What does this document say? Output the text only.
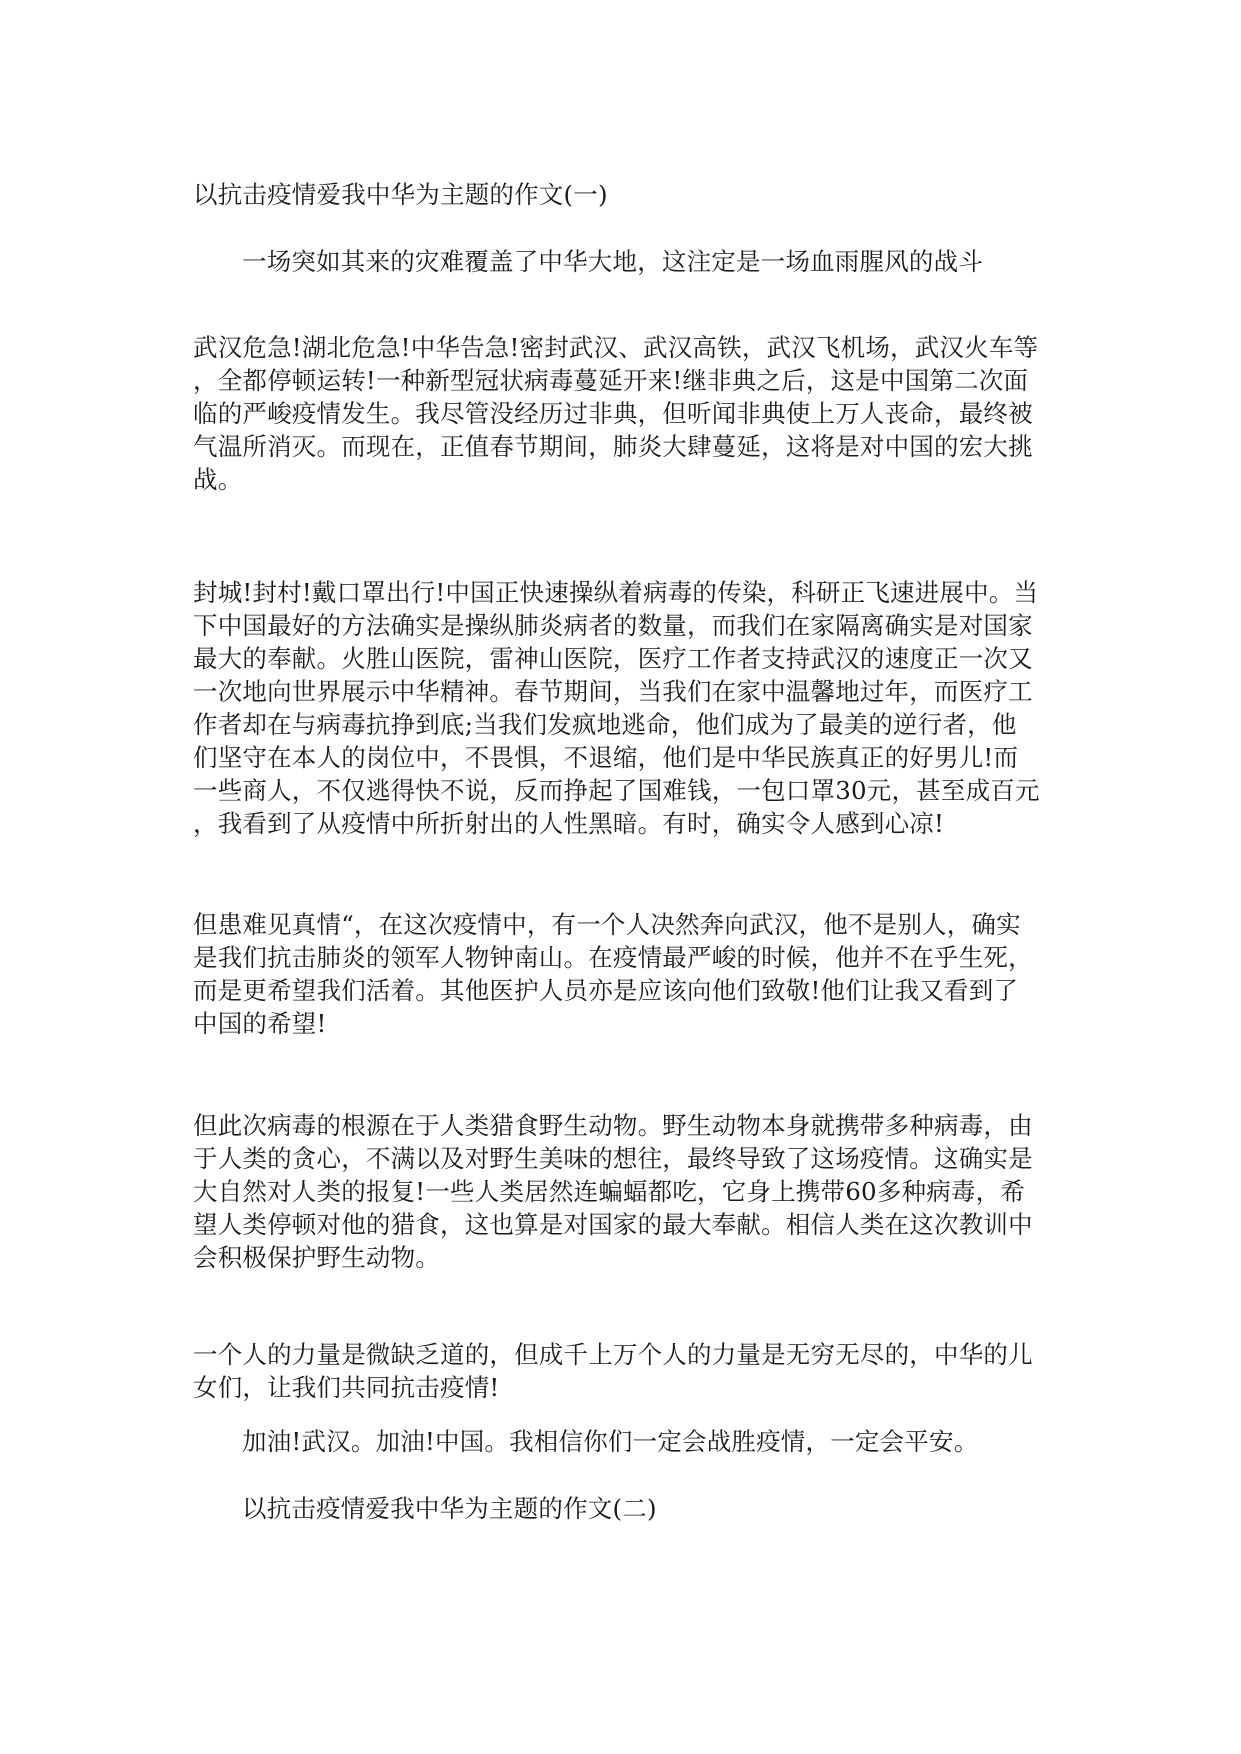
以抗击疫情爱我中华为主题的作文(一)
一场突如其来的灾难覆盖了中华大地，这注定是一场血雨腥风的战斗
武汉危急!湖北危急!中华告急!密封武汉、武汉高铁，武汉飞机场，武汉火车等
，全都停顿运转!一种新型冠状病毒蔓延开来!继非典之后，这是中国第二次面
临的严峻疫情发生。我尽管没经历过非典，但听闻非典使上万人丧命，最终被
气温所消灭。而现在，正值春节期间，肺炎大肆蔓延，这将是对中国的宏大挑
战。
封城!封村!戴口罩出行!中国正快速操纵着病毒的传染，科研正飞速进展中。当
下中国最好的方法确实是操纵肺炎病者的数量，而我们在家隔离确实是对国家
最大的奉献。火胜山医院，雷神山医院，医疗工作者支持武汉的速度正一次又
一次地向世界展示中华精神。春节期间，当我们在家中温馨地过年，而医疗工
作者却在与病毒抗挣到底;当我们发疯地逃命，他们成为了最美的逆行者，他
们坚守在本人的岗位中，不畏惧，不退缩，他们是中华民族真正的好男儿!而
一些商人，不仅逃得快不说，反而挣起了国难钱，一包口罩30元，甚至成百元
，我看到了从疫情中所折射出的人性黑暗。有时，确实令人感到心凉!
但患难见真情“，在这次疫情中，有一个人决然奔向武汉，他不是别人，确实
是我们抗击肺炎的领军人物钟南山。在疫情最严峻的时候，他并不在乎生死，
而是更希望我们活着。其他医护人员亦是应该向他们致敬!他们让我又看到了
中国的希望!
但此次病毒的根源在于人类猎食野生动物。野生动物本身就携带多种病毒，由
于人类的贪心，不满以及对野生美味的想往，最终导致了这场疫情。这确实是
大自然对人类的报复!一些人类居然连蝙蝠都吃，它身上携带60多种病毒，希
望人类停顿对他的猎食，这也算是对国家的最大奉献。相信人类在这次教训中
会积极保护野生动物。
一个人的力量是微缺乏道的，但成千上万个人的力量是无穷无尽的，中华的儿
女们，让我们共同抗击疫情!
加油!武汉。加油!中国。我相信你们一定会战胜疫情，一定会平安。
以抗击疫情爱我中华为主题的作文(二)
